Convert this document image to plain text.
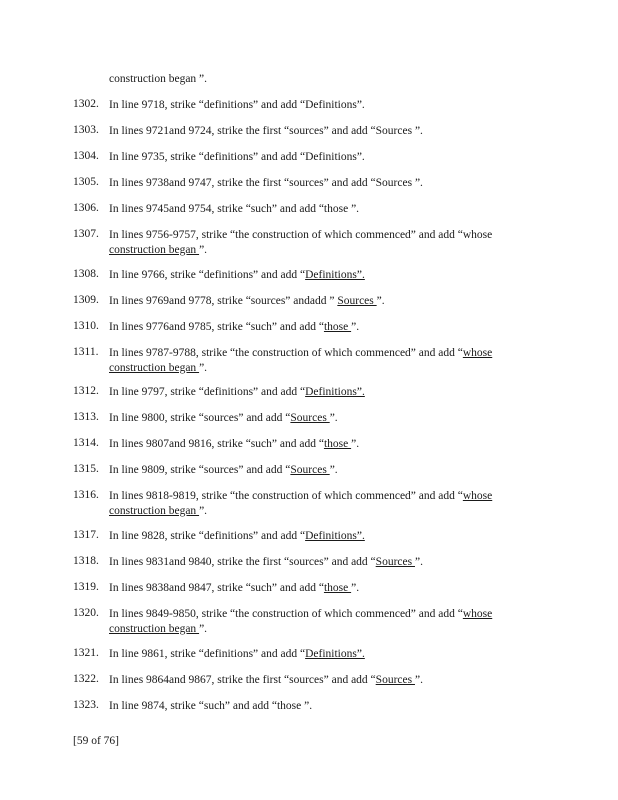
construction began ”.
1302. In line 9718, strike “definitions” and add “Definitions”.
1303. In lines 9721and 9724, strike the first “sources” and add “Sources ”.
1304. In line 9735, strike “definitions” and add “Definitions”.
1305. In lines 9738and 9747, strike the first “sources” and add “Sources ”.
1306. In lines 9745and 9754, strike “such” and add “those ”.
1307. In lines 9756-9757, strike “the construction of which commenced” and add “whose
construction began ”.
1308. In line 9766, strike “definitions” and add “Definitions”.
1309. In lines 9769and 9778, strike “sources” andadd ” Sources ”.
1310. In lines 9776and 9785, strike “such” and add “those ”.
1311. In lines 9787-9788, strike “the construction of which commenced” and add “whose
construction began ”.
1312. In line 9797, strike “definitions” and add “Definitions”.
1313. In line 9800, strike “sources” and add “Sources ”.
1314. In lines 9807and 9816, strike “such” and add “those ”.
1315. In line 9809, strike “sources” and add “Sources ”.
1316. In lines 9818-9819, strike “the construction of which commenced” and add “whose
construction began ”.
1317. In line 9828, strike “definitions” and add “Definitions”.
1318. In lines 9831and 9840, strike the first “sources” and add “Sources ”.
1319. In lines 9838and 9847, strike “such” and add “those ”.
1320. In lines 9849-9850, strike “the construction of which commenced” and add “whose
construction began ”.
1321. In line 9861, strike “definitions” and add “Definitions”.
1322. In lines 9864and 9867, strike the first “sources” and add “Sources ”.
1323. In line 9874, strike “such” and add “those ”.
[59 of 76]
